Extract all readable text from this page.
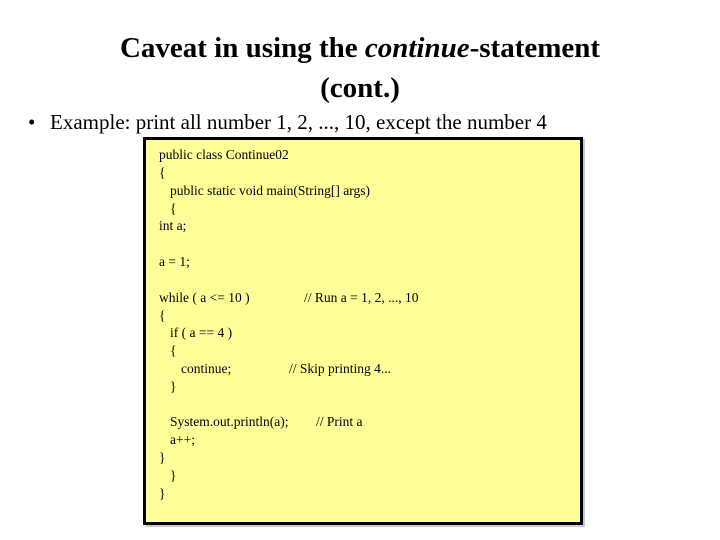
Caveat in using the continue-statement
(cont.)
• Example: print all number 1, 2, ..., 10, except the number 4
public class Continue02
{
public static void main(String[] args)
{
int a;
a = 1;
while ( a <= 10 )	// Run a = 1, 2, ..., 10
{
if ( a == 4 )
{
continue;	// Skip printing 4...
}
System.out.println(a); // Print a
a++;
}
}
}
